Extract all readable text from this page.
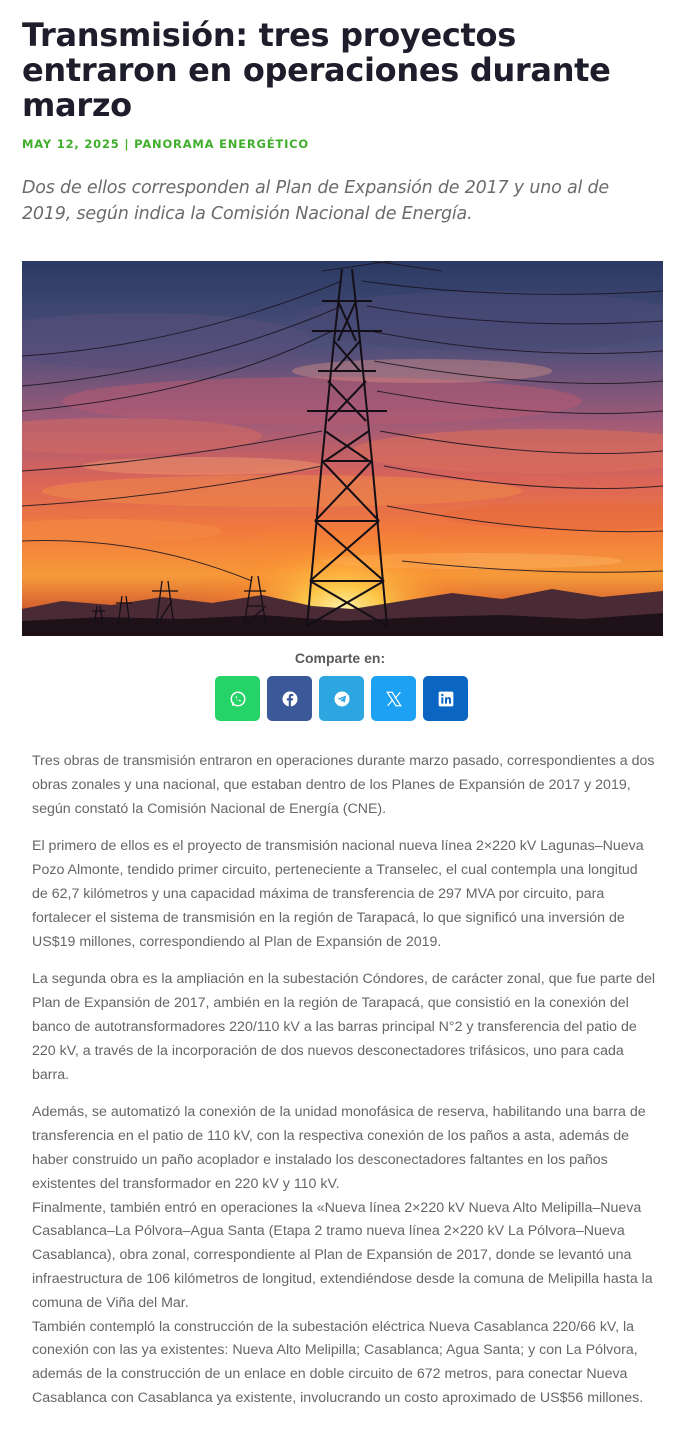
Transmisión: tres proyectos entraron en operaciones durante marzo
MAY 12, 2025 | PANORAMA ENERGÉTICO
Dos de ellos corresponden al Plan de Expansión de 2017 y uno al de 2019, según indica la Comisión Nacional de Energía.
Comparte en:

Tres obras de transmisión entraron en operaciones durante marzo pasado, correspondientes a dos obras zonales y una nacional, que estaban dentro de los Planes de Expansión de 2017 y 2019, según constató la Comisión Nacional de Energía (CNE).

El primero de ellos es el proyecto de transmisión nacional nueva línea 2×220 kV Lagunas–Nueva Pozo Almonte, tendido primer circuito, perteneciente a Transelec, el cual contempla una longitud de 62,7 kilómetros y una capacidad máxima de transferencia de 297 MVA por circuito, para fortalecer el sistema de transmisión en la región de Tarapacá, lo que significó una inversión de US$19 millones, correspondiendo al Plan de Expansión de 2019.

La segunda obra es la ampliación en la subestación Cóndores, de carácter zonal, que fue parte del Plan de Expansión de 2017, ambién en la región de Tarapacá, que consistió en la conexión del banco de autotransformadores 220/110 kV a las barras principal N°2 y transferencia del patio de 220 kV, a través de la incorporación de dos nuevos desconectadores trifásicos, uno para cada barra.

Además, se automatizó la conexión de la unidad monofásica de reserva, habilitando una barra de transferencia en el patio de 110 kV, con la respectiva conexión de los paños a asta, además de haber construido un paño acoplador e instalado los desconectadores faltantes en los paños existentes del transformador en 220 kV y 110 kV.

Finalmente, también entró en operaciones la «Nueva línea 2×220 kV Nueva Alto Melipilla–Nueva Casablanca–La Pólvora–Agua Santa (Etapa 2 tramo nueva línea 2×220 kV La Pólvora–Nueva Casablanca), obra zonal, correspondiente al Plan de Expansión de 2017, donde se levantó una infraestructura de 106 kilómetros de longitud, extendiéndose desde la comuna de Melipilla hasta la comuna de Viña del Mar.

También contempló la construcción de la subestación eléctrica Nueva Casablanca 220/66 kV, la conexión con las ya existentes: Nueva Alto Melipilla; Casablanca; Agua Santa; y con La Pólvora, además de la construcción de un enlace en doble circuito de 672 metros, para conectar Nueva Casablanca con Casablanca ya existente, involucrando un costo aproximado de US$56 millones.
